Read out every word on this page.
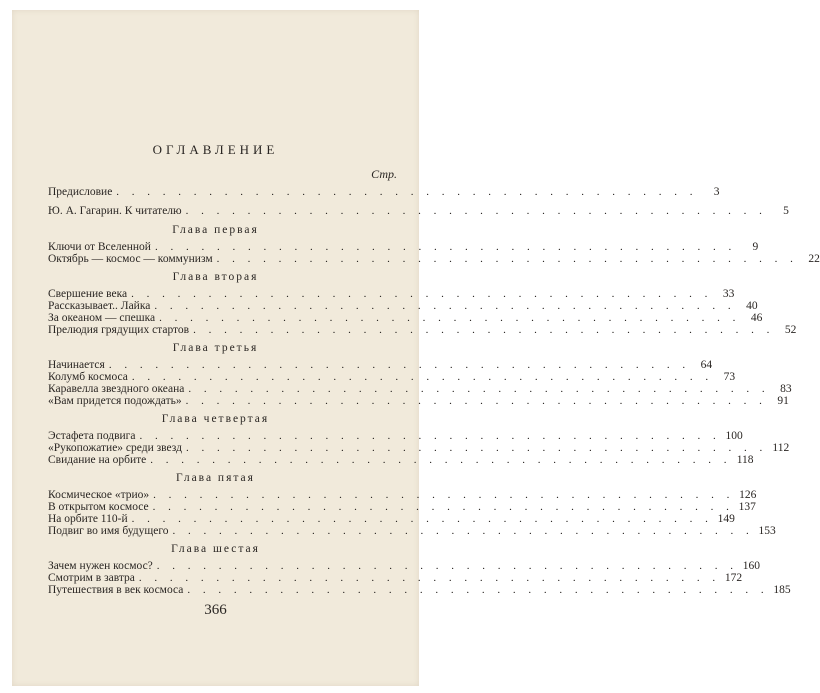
ОГЛАВЛЕНИЕ
Стр.
Предисловие . . . . . . . . . . . . . . . . . . . . . . . . . . . . . . . . . . . . . .	3
Ю. А. Гагарин. К читателю . . . . . . . . . . . . . . . . . . . . . . . . . . . . . . . . . . . . . .	5
Глава первая
Ключи от Вселенной . . . . . . . . . . . . . . . . . . . . . . . . . . . . . . . . . . . . . .	9
Октябрь — космос — коммунизм . . . . . . . . . . . . . . . . . . . . . . . . . . . . . . . . . . . . . . 22
Глава вторая
Свершение века . . . . . . . . . . . . . . . . . . . . . . . . . . . . . . . . . . . . . . 33
Рассказывает.. Лайка . . . . . . . . . . . . . . . . . . . . . . . . . . . . . . . . . . . . . . 40
За океаном — спешка . . . . . . . . . . . . . . . . . . . . . . . . . . . . . . . . . . . . . . 46
Прелюдия грядущих стартов . . . . . . . . . . . . . . . . . . . . . . . . . . . . . . . . . . . . . . 52
Глава третья
Начинается . . . . . . . . . . . . . . . . . . . . . . . . . . . . . . . . . . . . . . 64
Колумб космоса . . . . . . . . . . . . . . . . . . . . . . . . . . . . . . . . . . . . . . 73
Каравелла звездного океана . . . . . . . . . . . . . . . . . . . . . . . . . . . . . . . . . . . . . . 83
«Вам придется подождать» . . . . . . . . . . . . . . . . . . . . . . . . . . . . . . . . . . . . . . 91
Глава четвертая
Эстафета подвига . . . . . . . . . . . . . . . . . . . . . . . . . . . . . . . . . . . . . . 100
«Рукопожатие» среди звезд . . . . . . . . . . . . . . . . . . . . . . . . . . . . . . . . . . . . . . 112
Свидание на орбите . . . . . . . . . . . . . . . . . . . . . . . . . . . . . . . . . . . . . . 118
Глава пятая
Космическое «трио» . . . . . . . . . . . . . . . . . . . . . . . . . . . . . . . . . . . . . . 126
В открытом космосе . . . . . . . . . . . . . . . . . . . . . . . . . . . . . . . . . . . . . . 137
На орбите 110-й . . . . . . . . . . . . . . . . . . . . . . . . . . . . . . . . . . . . . . 149
Подвиг во имя будущего . . . . . . . . . . . . . . . . . . . . . . . . . . . . . . . . . . . . . . 153
Глава шестая
Зачем нужен космос? . . . . . . . . . . . . . . . . . . . . . . . . . . . . . . . . . . . . . . 160
Смотрим в завтра . . . . . . . . . . . . . . . . . . . . . . . . . . . . . . . . . . . . . . 172
Путешествия в век космоса . . . . . . . . . . . . . . . . . . . . . . . . . . . . . . . . . . . . . . 185
366
